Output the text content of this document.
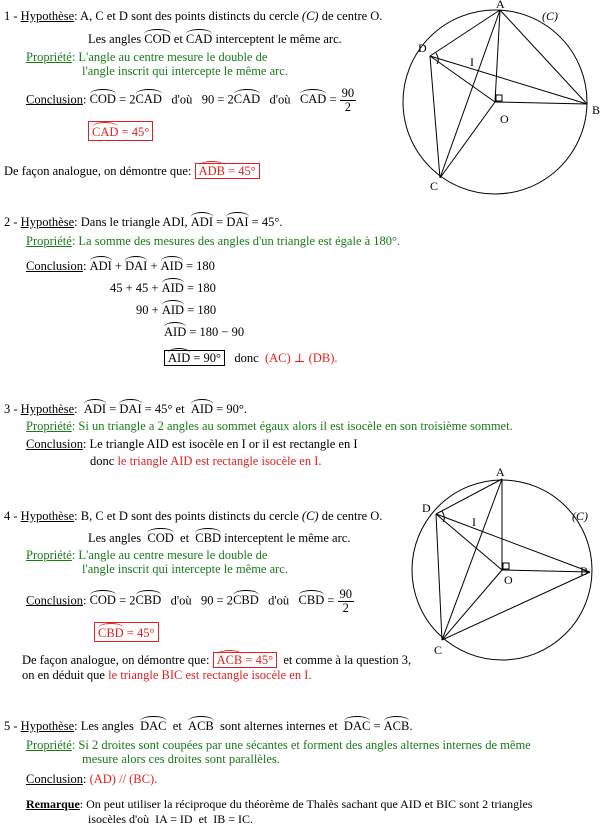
1 - Hypothèse: A, C et D sont des points distincts du cercle (C) de centre O.
Les angles COD et CAD interceptent le même arc.
Propriété: L'angle au centre mesure le double de
l'angle inscrit qui intercepte le même arc.
Conclusion: COD = 2CAD   d'où   90 = 2CAD   d'où   CAD = $\frac{90}{2}$
CAD = 45°
De façon analogue, on démontre que: ADB = 45°
A
B
C
D
O
I
(C)
2 - Hypothèse: Dans le triangle ADI, ADI = DAI = 45°.
Propriété: La somme des mesures des angles d'un triangle est égale à 180°.
Conclusion: ADI + DAI + AID = 180
45 + 45 + AID = 180
90 + AID = 180
AID = 180 − 90
AID = 90°   donc  (AC) ⊥ (DB).
3 - Hypothèse:  ADI = DAI = 45° et  AID = 90°.
Propriété: Si un triangle a 2 angles au sommet égaux alors il est isocèle en son troisième sommet.
Conclusion: Le triangle AID est isocèle en I or il est rectangle en I
donc le triangle AID est rectangle isocèle en I.
4 - Hypothèse: B, C et D sont des points distincts du cercle (C) de centre O.
Les angles  COD  et  CBD interceptent le même arc.
Propriété: L'angle au centre mesure le double de
l'angle inscrit qui intercepte le même arc.
Conclusion: COD = 2CBD   d'où   90 = 2CBD   d'où   CBD = $\frac{90}{2}$
CBD = 45°
De façon analogue, on démontre que: ACB = 45°  et comme à la question 3,
on en déduit que le triangle BIC est rectangle isocèle en I.
A
B
C
D
O
I	(C)
5 - Hypothèse: Les angles  DAC  et  ACB  sont alternes internes et  DAC = ACB.
Propriété: Si 2 droites sont coupées par une sécantes et forment des angles alternes internes de même
mesure alors ces droites sont parallèles.
Conclusion: (AD) // (BC).
Remarque: On peut utiliser la réciproque du théorème de Thalès sachant que AID et BIC sont 2 triangles
isocèles d'où  IA = ID  et  IB = IC.
